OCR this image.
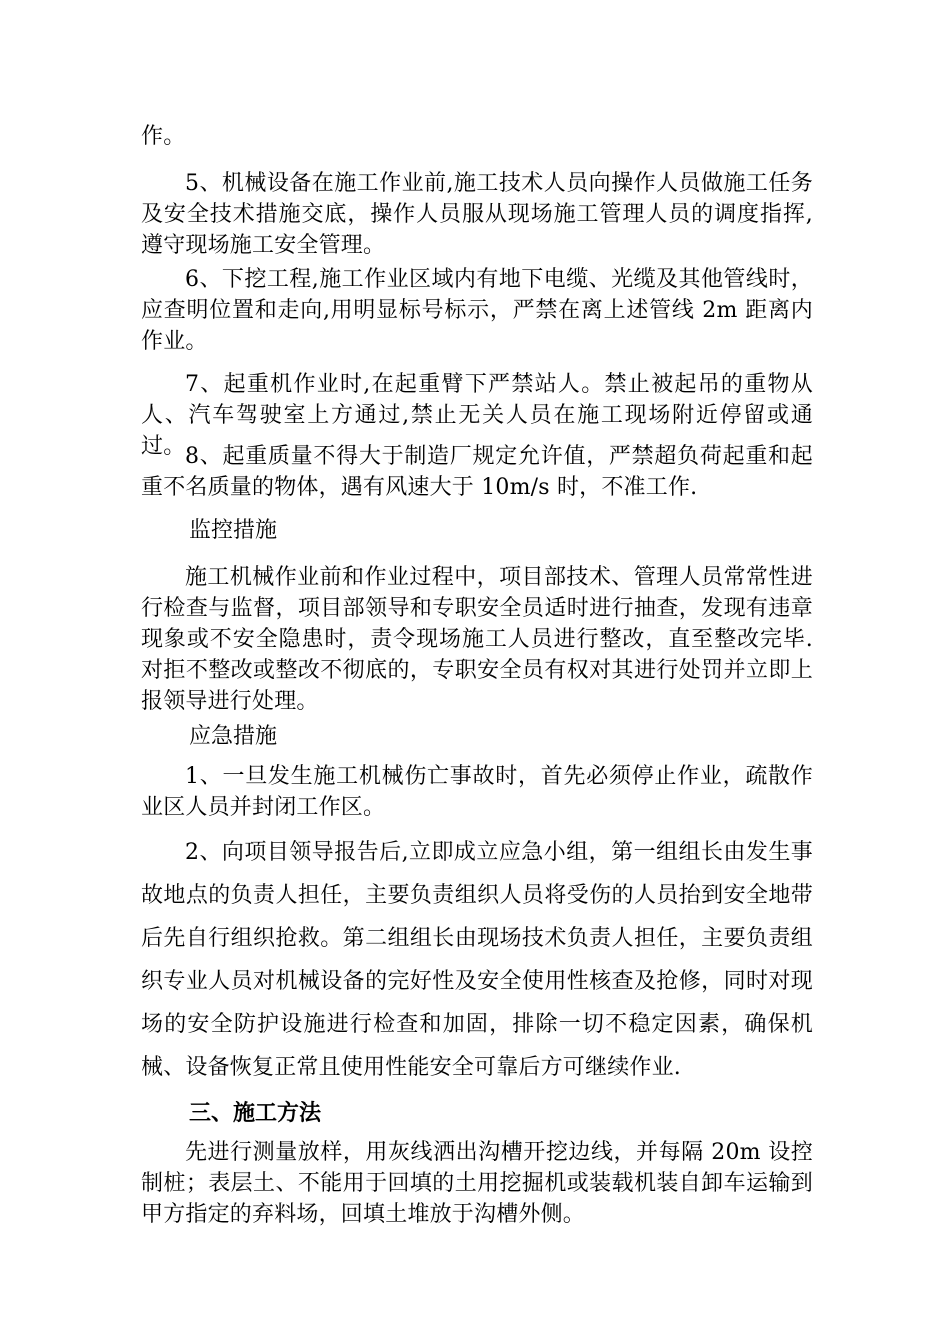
作。

5、机械设备在施工作业前,施工技术人员向操作人员做施工任务及安全技术措施交底，操作人员服从现场施工管理人员的调度指挥,遵守现场施工安全管理。

6、下挖工程,施工作业区域内有地下电缆、光缆及其他管线时，应查明位置和走向,用明显标号标示，严禁在离上述管线 2m 距离内作业。

7、起重机作业时,在起重臂下严禁站人。禁止被起吊的重物从人、汽车驾驶室上方通过,禁止无关人员在施工现场附近停留或通过。 8、起重质量不得大于制造厂规定允许值，严禁超负荷起重和起重不名质量的物体，遇有风速大于 10m/s 时，不准工作.

监控措施

施工机械作业前和作业过程中，项目部技术、管理人员常常性进行检查与监督，项目部领导和专职安全员适时进行抽查，发现有违章现象或不安全隐患时，责令现场施工人员进行整改，直至整改完毕.对拒不整改或整改不彻底的，专职安全员有权对其进行处罚并立即上报领导进行处理。

应急措施

1、一旦发生施工机械伤亡事故时，首先必须停止作业，疏散作业区人员并封闭工作区。

2、向项目领导报告后,立即成立应急小组，第一组组长由发生事故地点的负责人担任，主要负责组织人员将受伤的人员抬到安全地带后先自行组织抢救。第二组组长由现场技术负责人担任，主要负责组织专业人员对机械设备的完好性及安全使用性核查及抢修，同时对现场的安全防护设施进行检查和加固，排除一切不稳定因素，确保机械、设备恢复正常且使用性能安全可靠后方可继续作业.

三、施工方法

先进行测量放样，用灰线洒出沟槽开挖边线，并每隔 20m 设控制桩；表层土、不能用于回填的土用挖掘机或装载机装自卸车运输到甲方指定的弃料场，回填土堆放于沟槽外侧。
